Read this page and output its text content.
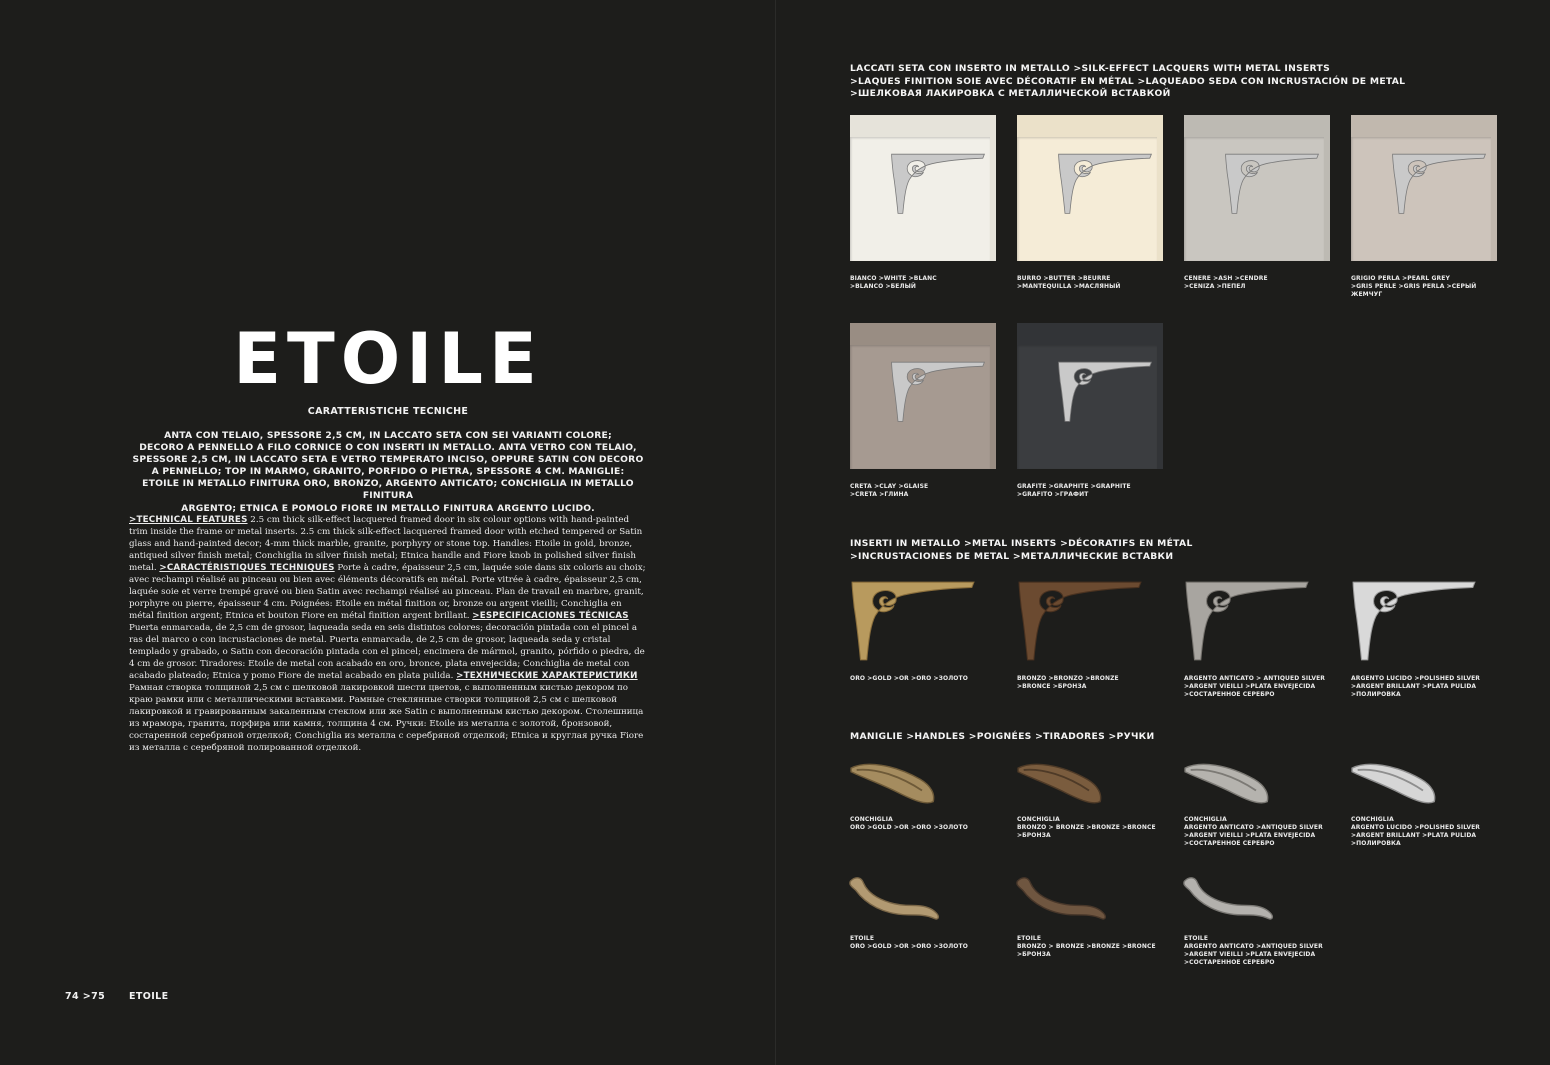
ETOILE
CARATTERISTICHE TECNICHE
ANTA CON TELAIO, SPESSORE 2,5 CM, IN LACCATO SETA CON SEI VARIANTI COLORE;
DECORO A PENNELLO A FILO CORNICE O CON INSERTI IN METALLO. ANTA VETRO CON TELAIO,
SPESSORE 2,5 CM, IN LACCATO SETA E VETRO TEMPERATO INCISO, OPPURE SATIN CON DECORO
A PENNELLO; TOP IN MARMO, GRANITO, PORFIDO O PIETRA, SPESSORE 4 CM. MANIGLIE:
ETOILE IN METALLO FINITURA ORO, BRONZO, ARGENTO ANTICATO; CONCHIGLIA IN METALLO FINITURA
ARGENTO; ETNICA E POMOLO FIORE IN METALLO FINITURA ARGENTO LUCIDO.
>TECHNICAL FEATURES 2.5 cm thick silk-effect lacquered framed door in six colour options with hand-painted trim inside the frame or metal inserts. 2.5 cm thick silk-effect lacquered framed door with etched tempered or Satin glass and hand-painted decor; 4-mm thick marble, granite, porphyry or stone top. Handles: Etoile in gold, bronze, antiqued silver finish metal; Conchiglia in silver finish metal; Etnica handle and Fiore knob in polished silver finish metal. >CARACTÉRISTIQUES TECHNIQUES Porte à cadre, épaisseur 2,5 cm, laquée soie dans six coloris au choix; avec rechampi réalisé au pinceau ou bien avec éléments décoratifs en métal. Porte vitrée à cadre, épaisseur 2,5 cm, laquée soie et verre trempé gravé ou bien Satin avec rechampi réalisé au pinceau. Plan de travail en marbre, granit, porphyre ou pierre, épaisseur 4 cm. Poignées: Etoile en métal finition or, bronze ou argent vieilli; Conchiglia en métal finition argent; Etnica et bouton Fiore en métal finition argent brillant. >ESPECIFICACIONES TÉCNICAS Puerta enmarcada, de 2,5 cm de grosor, laqueada seda en seis distintos colores; decoración pintada con el pincel a ras del marco o con incrustaciones de metal. Puerta enmarcada, de 2,5 cm de grosor, laqueada seda y cristal templado y grabado, o Satin con decoración pintada con el pincel; encimera de mármol, granito, pórfido o piedra, de 4 cm de grosor. Tiradores: Etoile de metal con acabado en oro, bronce, plata envejecida; Conchiglia de metal con acabado plateado; Etnica y pomo Fiore de metal acabado en plata pulida. >ТЕХНИЧЕСКИЕ ХАРАКТЕРИСТИКИ Рамная створка толщиной 2,5 см с шелковой лакировкой шести цветов, с выполненным кистью декором по краю рамки или с металлическими вставками. Рамные стеклянные створки толщиной 2,5 см с шелковой лакировкой и гравированным закаленным стеклом или же Satin с выполненным кистью декором. Столешница из мрамора, гранита, порфира или камня, толщина 4 см. Ручки: Etoile из металла с золотой, бронзовой, состаренной серебряной отделкой; Conchiglia из металла с серебряной отделкой; Etnica и круглая ручка Fiore из металла с серебряной полированной отделкой.
74 >75	ETOILE
LACCATI SETA CON INSERTO IN METALLO >SILK-EFFECT LACQUERS WITH METAL INSERTS
>LAQUES FINITION SOIE AVEC DÉCORATIF EN MÉTAL >LAQUEADO SEDA CON INCRUSTACIÓN DE METAL
>ШЕЛКОВАЯ ЛАКИРОВКА С МЕТАЛЛИЧЕСКОЙ ВСТАВКОЙ
INSERTI IN METALLO >METAL INSERTS >DÉCORATIFS EN MÉTAL
>INCRUSTACIONES DE METAL >МЕТАЛЛИЧЕСКИЕ ВСТАВКИ
MANIGLIE >HANDLES >POIGNÉES >TIRADORES >РУЧКИ
BIANCO >WHITE >BLANC
>BLANCO >БЕЛЫЙ
BURRO >BUTTER >BEURRE
>MANTEQUILLA >МАСЛЯНЫЙ
CENERE >ASH >CENDRE
>CENIZA >ПЕПЕЛ
GRIGIO PERLA >PEARL GREY
>GRIS PERLE >GRIS PERLA >СЕРЫЙ
ЖЕМЧУГ
CRETA >CLAY >GLAISE
>CRETA >ГЛИНА
GRAFITE >GRAPHITE >GRAPHITE
>GRAFITO >ГРАФИТ
ORO >GOLD >OR >ORO >ЗОЛОТО	BRONZO >BRONZO >BRONZE
>BRONCE >БРОНЗА
ARGENTO ANTICATO > ANTIQUED SILVER
>ARGENT VIEILLI >PLATA ENVEJECIDA
>СОСТАРЕННОЕ СЕРЕБРО
ARGENTO LUCIDO >POLISHED SILVER
>ARGENT BRILLANT >PLATA PULIDA
>ПОЛИРОВКА
CONCHIGLIA
ORO >GOLD >OR >ORO >ЗОЛОТО
CONCHIGLIA
BRONZO > BRONZE >BRONZE >BRONCE
>БРОНЗА
CONCHIGLIA
ARGENTO ANTICATO >ANTIQUED SILVER
>ARGENT VIEILLI >PLATA ENVEJECIDA
>СОСТАРЕННОЕ СЕРЕБРО
CONCHIGLIA
ARGENTO LUCIDO >POLISHED SILVER
>ARGENT BRILLANT >PLATA PULIDA
>ПОЛИРОВКА
ETOILE
ORO >GOLD >OR >ORO >ЗОЛОТО
ETOILE
BRONZO > BRONZE >BRONZE >BRONCE
>БРОНЗА
ETOILE
ARGENTO ANTICATO >ANTIQUED SILVER
>ARGENT VIEILLI >PLATA ENVEJECIDA
>СОСТАРЕННОЕ СЕРЕБРО
